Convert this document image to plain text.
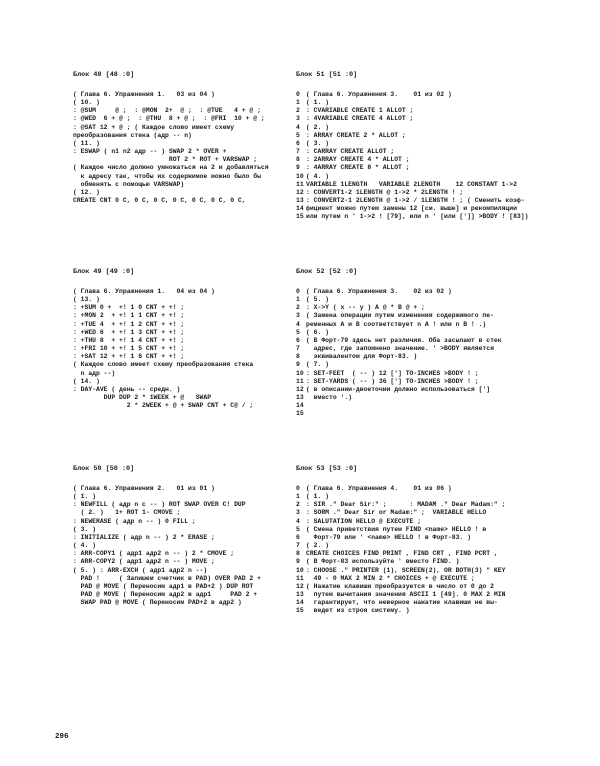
Блок 48 [48 :0]
( Глава 6. Упражнения 1.   03 из 04 )
( 10. )
: @SUM     @ ;  : @MON  2+  @ ;  : @TUE   4 + @ ;
: @WED  6 + @ ;  : @THU  8 + @ ;  : @FRI  10 + @ ;
: @SAT 12 + @ ; ( Каждое слово имеет схему
преобразования стека (адр -- n)
( 11. )
: ESWAP ( n1 n2 адр -- ) SWAP 2 * OVER +
ROT 2 * ROT + VARSWAP ;
( Каждое число должно умножаться на 2 и добавляться
к адресу так, чтобы их содержимое можно было бы
обменять с помощью VARSWAP)
( 12. )
CREATE CNT 0 C, 0 C, 0 C, 0 C, 0 C, 0 C, 0 C,
Блок 49 [49 :0]
( Глава 6. Упражнения 1.   04 из 04 )
( 13. )
: +SUM 0 +  +! 1 0 CNT + +! ;
: +MON 2  + +! 1 1 CNT + +! ;
: +TUE 4  + +! 1 2 CNT + +! ;
: +WED 6  + +! 1 3 CNT + +! ;
: +THU 8  + +! 1 4 CNT + +! ;
: +FRI 10 + +! 1 5 CNT + +! ;
: +SAT 12 + +! 1 6 CNT + +! ;
( Каждое слово имеет схему преобразования стека
n адр --)
( 14. )
: DAY-AVE ( день -- средн. )
DUP DUP 2 * 1WEEK + @   SWAP
2 * 2WEEK + @ + SWAP CNT + C@ / ;
Блок 50 [50 :0]
( Глава 6. Упражнения 2.   01 из 01 )
( 1. )
: NEWFILL ( адр n c -- ) ROT SWAP OVER C! DUP
( 2. )   1+ ROT 1- CMOVE ;
: NEWERASE ( адр n -- ) 0 FILL ;
( 3. )
: INITIALIZE ( адр n -- ) 2 * ERASE ;
( 4. )
: ARR-COPY1 ( адр1 адр2 n -- ) 2 * CMOVE ;
: ARR-COPY2 ( адр1 адр2 n -- ) MOVE ;
( 5. ) : ARR-EXCH ( адр1 адр2 n --)
PAD !     ( Запишем счетчик в PAD) OVER PAD 2 +
PAD @ MOVE ( Переносим адр1 в PAD+2 ) DUP ROT
PAD @ MOVE ( Переносим адр2 в адр1     PAD 2 +
SWAP PAD @ MOVE ( Переносим PAD+2 в адр2 )
Блок 51 [51 :0]
0 ( Глава 6. Упражнения 3.    01 из 02 )
1 ( 1. )
2 : CVARIABLE CREATE 1 ALLOT ;
3 : 4VARIABLE CREATE 4 ALLOT ;
4 ( 2. )
5 : ARRAY CREATE 2 * ALLOT ;
6 ( 3. )
7 : CARRAY CREATE ALLOT ;
8 : 2ARRAY CREATE 4 * ALLOT ;
9 : 4ARRAY CREATE 8 * ALLOT ;
10 ( 4. )
11 VARIABLE 1LENGTH   VARIABLE 2LENGTH    12 CONSTANT 1->2
12 : CONVERT1-2 1LENGTH @ 1->2 * 2LENGTH ! ;
13 : CONVERT2-1 2LENGTH @ 1->2 / 1LENGTH ! ; ( Сменить коэф-
14 фициент можно путем замены 12 [см. выше] и рекомпиляции
15 или путем n ' 1->2 ! [79], или n ' [или [']] >BODY ! [83])
Блок 52 [52 :0]
0 ( Глава 6. Упражнения 3.    02 из 02 )
1 ( 5. )
2 : X->Y ( x -- y ) A @ * B @ + ;
3 ( Замена операции путем изменения содержимого пе-
4 ременных A и B соответствует n A ! или n B ! .)
5 ( 6. )
6 ( В Форт-79 здесь нет различия. Оба засылают в стек
7 адрес, где запомнено значение. ' >BODY является
8 эквивалентом для Форт-83. )
9 ( 7. )
10 : SET-FEET  ( -- ) 12 ['] TO-INCHES >BODY ! ;
11 : SET-YARDS ( -- ) 36 ['] TO-INCHES >BODY ! ;
12 ( в описании-двоеточии должно использоваться [']
13 вместо '.)
14
15
Блок 53 [53 :0]
0 ( Глава 6. Упражнения 4.    01 из 06 )
1 ( 1. )
2 : SIR ." Dear Sir:" ;      : MADAM ." Dear Madam:" ;
3 : SORM ." Dear Sir or Madam:" ;  VARIABLE HELLO
4 : SALUTATION HELLO @ EXECUTE ;
5 ( Смена приветствия путем FIND <name> HELLO ! в
6 Форт-79 или ' <name> HELLO ! в Форт-83. )
7 ( 2. )
8 CREATE CHOICES FIND PRINT , FIND CRT , FIND PCRT ,
9 ( В Форт-83 используйте ' вместо FIND. )
10 : CHOOSE ." PRINTER (1), SCREEN(2), OR BOTH(3) " KEY
11 49 - 0 MAX 2 MIN 2 * CHOICES + @ EXECUTE ;
12 ( Нажатие клавиши преобразуется в число от 0 до 2
13 путем вычитания значения ASCII 1 [49]. 0 MAX 2 MIN
14 гарантирует, что неверное нажатие клавиши не вы-
15 ведет из строя систему. )
296
